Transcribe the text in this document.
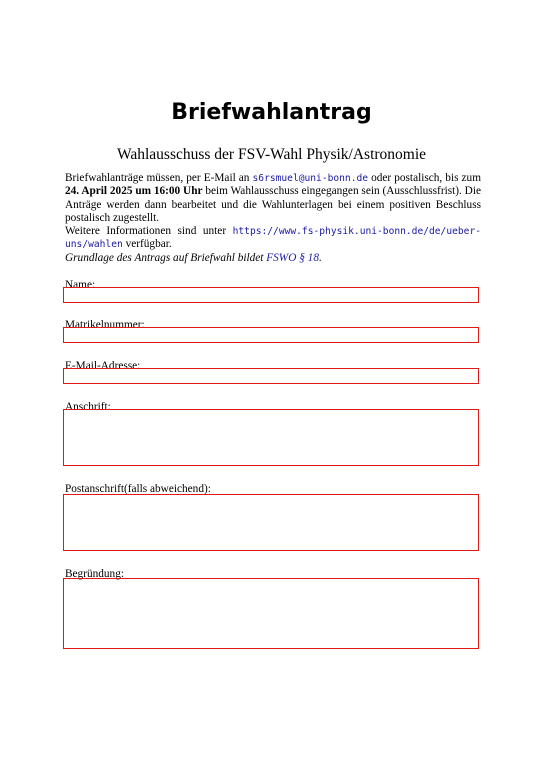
Briefwahlantrag
Wahlausschuss der FSV-Wahl Physik/Astronomie
Briefwahlanträge müssen, per E-Mail an s6rsmuel@uni-bonn.de oder postalisch, bis zum 24. April 2025 um 16:00 Uhr beim Wahlausschuss eingegangen sein (Ausschlussfrist). Die Anträge werden dann bearbeitet und die Wahlunterlagen bei einem positiven Beschluss postalisch zugestellt.
Weitere Informationen sind unter https://www.fs-physik.uni-bonn.de/de/ueber-uns/wahlen verfügbar.
Grundlage des Antrags auf Briefwahl bildet FSWO § 18.
Name:
Matrikelnummer:
E-Mail-Adresse:
Anschrift:
Postanschrift(falls abweichend):
Begründung:
